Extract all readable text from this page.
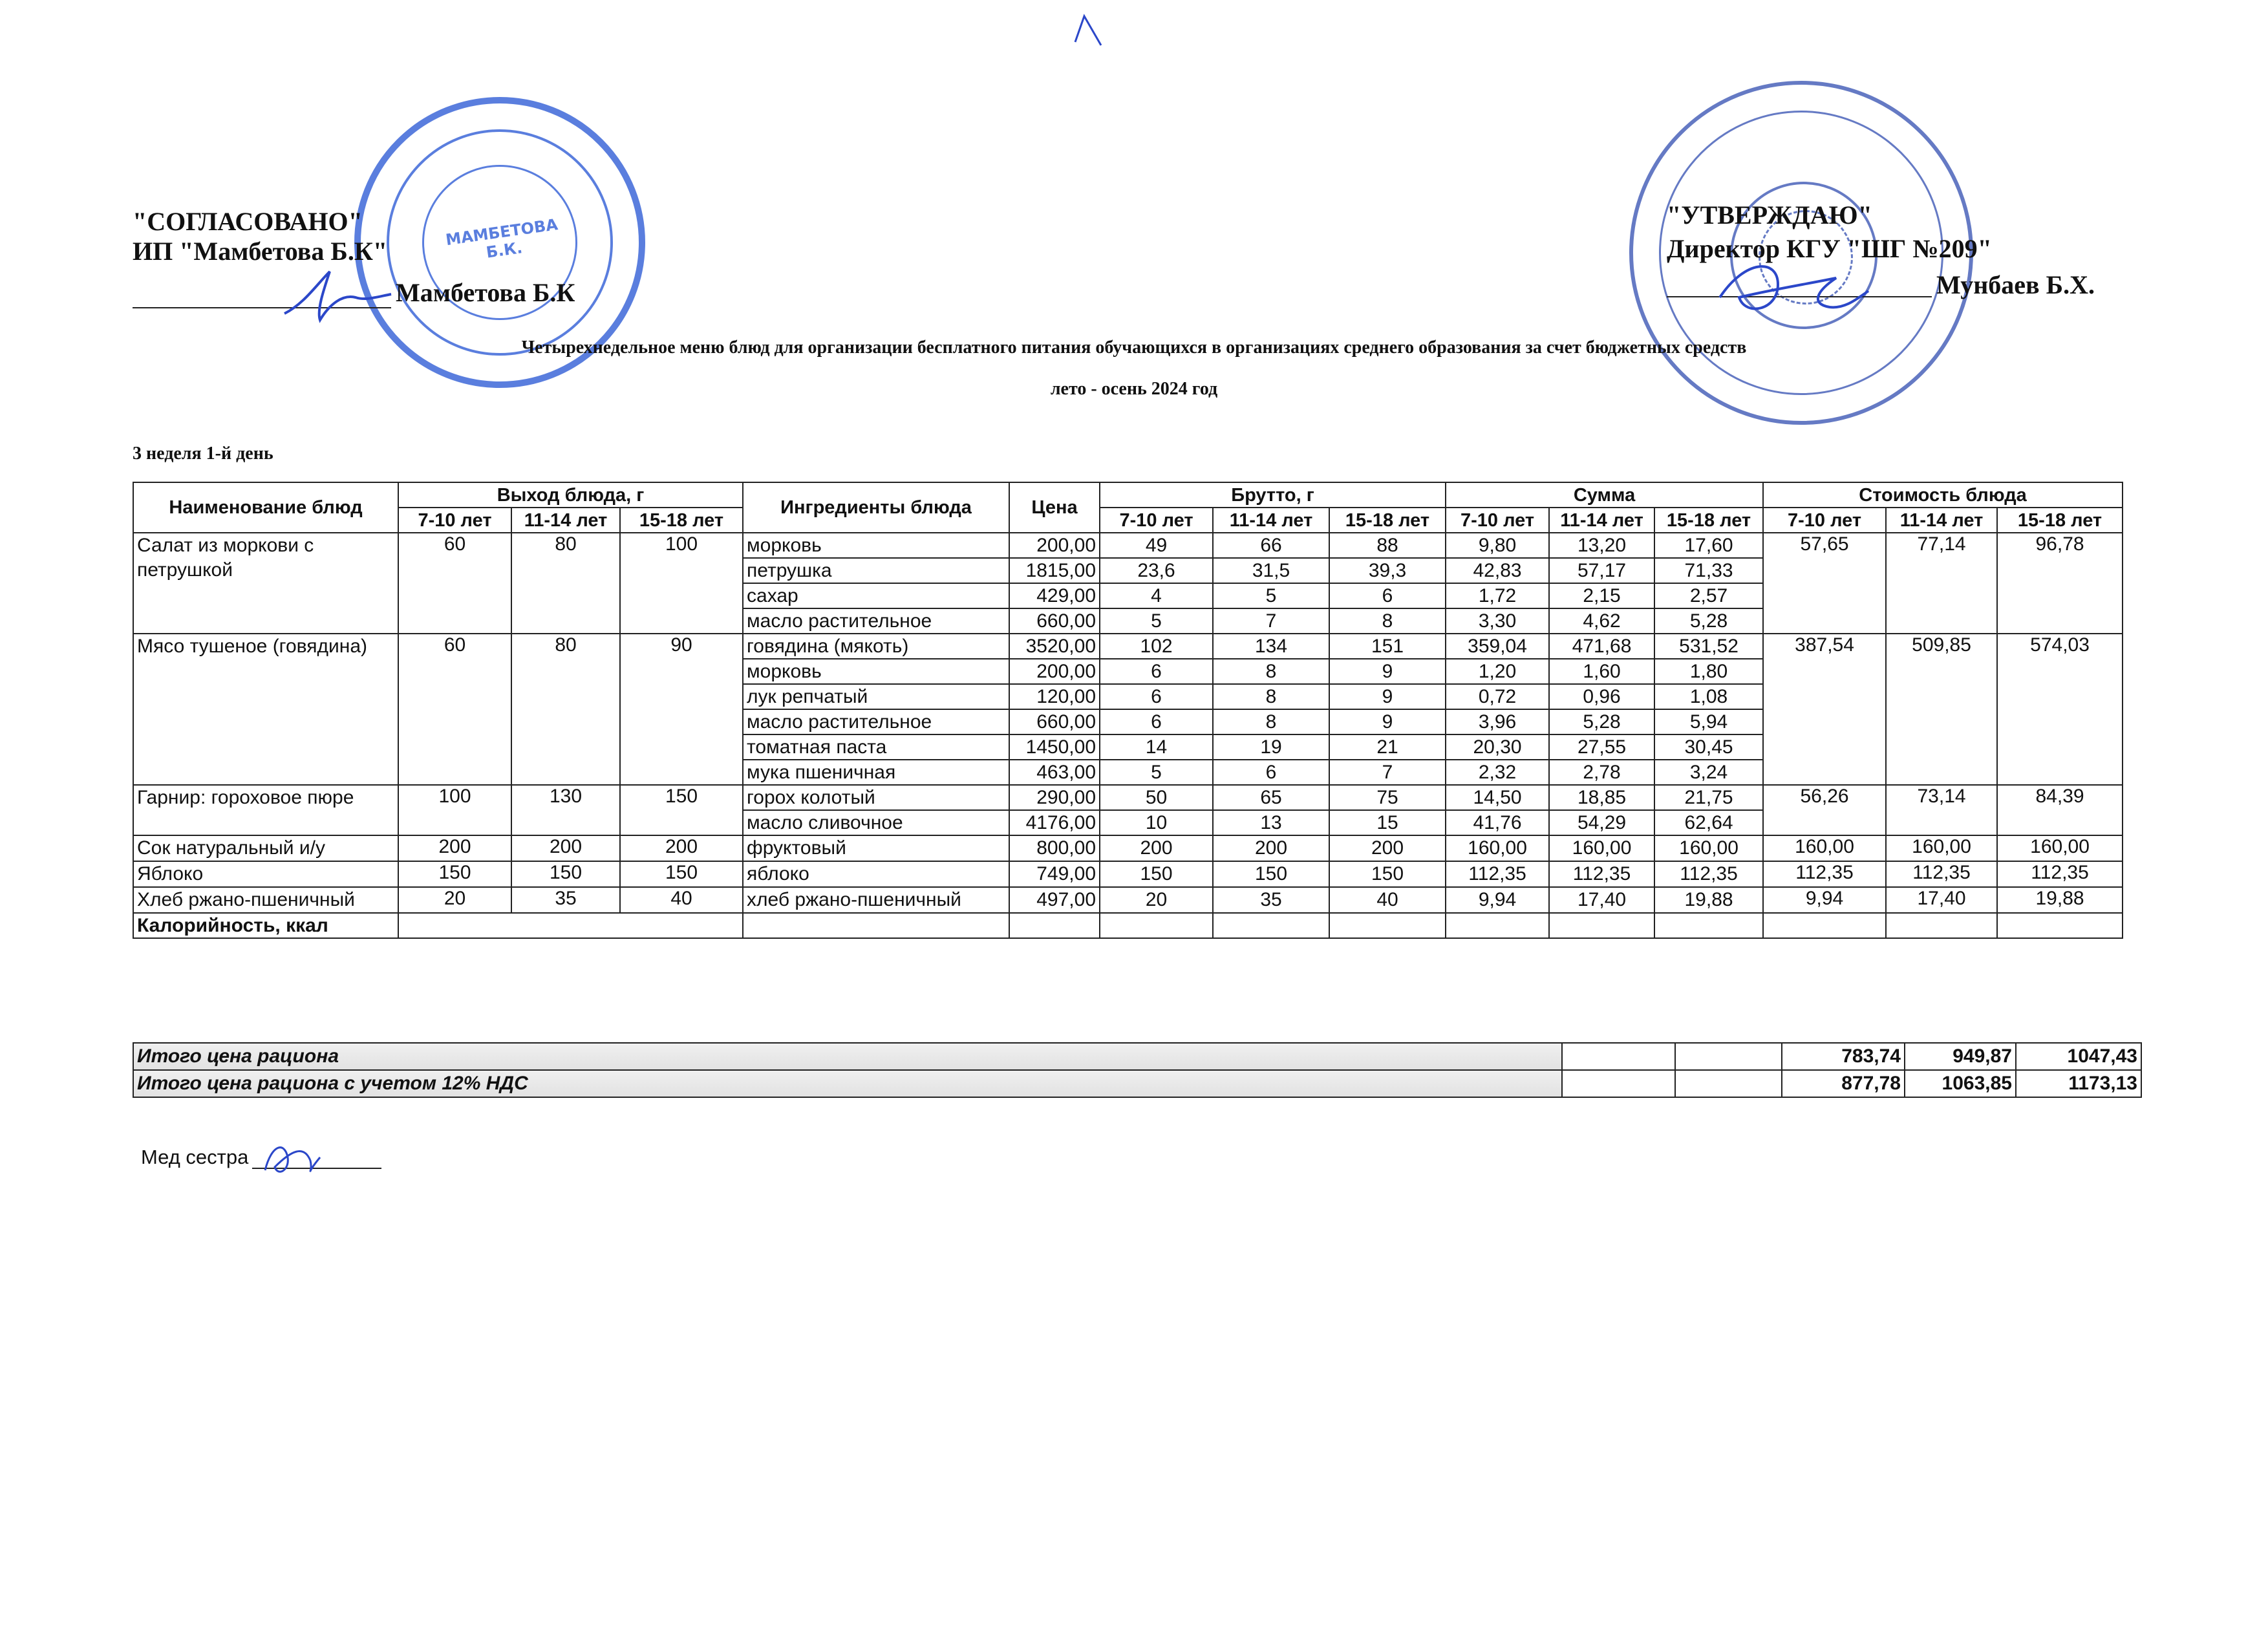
МАМБЕТОВА Б.К.
"СОГЛАСОВАНО"
ИП "Мамбетова Б.К"
Мамбетова Б.К
"УТВЕРЖДАЮ"
Директор КГУ "ШГ №209"
Мунбаев Б.Х.
Четырехнедельное меню блюд для организации бесплатного питания обучающихся в организациях среднего образования за счет бюджетных средств
лето - осень 2024 год
3 неделя 1-й день
Наименование блюд	Выход блюда, г			Ингредиенты блюда	Цена	Брутто, г			Сумма			Стоимость блюда		
	7-10 лет	11-14 лет	15-18 лет			7-10 лет	11-14 лет	15-18 лет	7-10 лет	11-14 лет	15-18 лет	7-10 лет	11-14 лет	15-18 лет
Салат из моркови с петрушкой	60	80	100	морковь	200,00	49	66	88	9,80	13,20	17,60	57,65	77,14	96,78
				петрушка	1815,00	23,6	31,5	39,3	42,83	57,17	71,33			
				сахар	429,00	4	5	6	1,72	2,15	2,57			
				масло растительное	660,00	5	7	8	3,30	4,62	5,28			
Мясо тушеное (говядина)	60	80	90	говядина (мякоть)	3520,00	102	134	151	359,04	471,68	531,52	387,54	509,85	574,03
				морковь	200,00	6	8	9	1,20	1,60	1,80			
				лук репчатый	120,00	6	8	9	0,72	0,96	1,08			
				масло растительное	660,00	6	8	9	3,96	5,28	5,94			
				томатная паста	1450,00	14	19	21	20,30	27,55	30,45			
				мука пшеничная	463,00	5	6	7	2,32	2,78	3,24			
Гарнир: гороховое пюре	100	130	150	горох колотый	290,00	50	65	75	14,50	18,85	21,75	56,26	73,14	84,39
				масло сливочное	4176,00	10	13	15	41,76	54,29	62,64			
Сок натуральный и/у	200	200	200	фруктовый	800,00	200	200	200	160,00	160,00	160,00	160,00	160,00	160,00
Яблоко	150	150	150	яблоко	749,00	150	150	150	112,35	112,35	112,35	112,35	112,35	112,35
Хлеб ржано-пшеничный	20	35	40	хлеб ржано-пшеничный	497,00	20	35	40	9,94	17,40	19,88	9,94	17,40	19,88
Калорийность, ккал														
Итого цена рациона			783,74	949,87	1047,43
Итого цена рациона с учетом 12% НДС			877,78	1063,85	1173,13
Мед сестра
